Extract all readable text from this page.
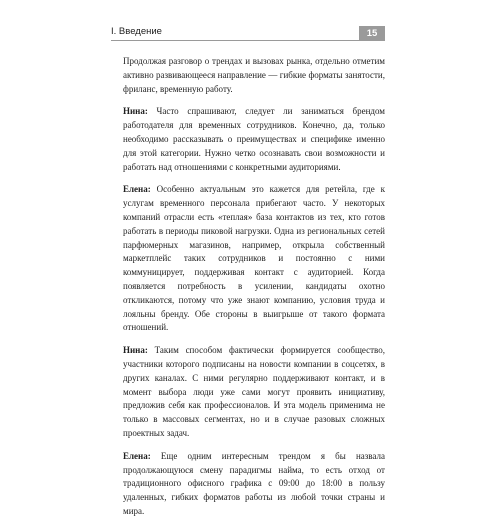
I. Введение	15

Продолжая разговор о трендах и вызовах рынка, отдельно отметим активно развивающееся направление — гибкие форматы занятости, фриланс, временную работу.

Нина: Часто спрашивают, следует ли заниматься брендом работодателя для временных сотрудников. Конечно, да, только необходимо рассказывать о преимуществах и специфике именно для этой категории. Нужно четко осознавать свои возможности и работать над отношениями с конкретными аудиториями.

Елена: Особенно актуальным это кажется для ретейла, где к услугам временного персонала прибегают часто. У некоторых компаний отрасли есть «теплая» база контактов из тех, кто готов работать в периоды пиковой нагрузки. Одна из региональных сетей парфюмерных магазинов, например, открыла собственный маркетплейс таких сотрудников и постоянно с ними коммуницирует, поддерживая контакт с аудиторией. Когда появляется потребность в усилении, кандидаты охотно откликаются, потому что уже знают компанию, условия труда и лояльны бренду. Обе стороны в выигрыше от такого формата отношений.

Нина: Таким способом фактически формируется сообщество, участники которого подписаны на новости компании в соцсетях, в других каналах. С ними регулярно поддерживают контакт, и в момент выбора люди уже сами могут проявить инициативу, предложив себя как профессионалов. И эта модель применима не только в массовых сегментах, но и в случае разовых сложных проектных задач.

Елена: Еще одним интересным трендом я бы назвала продолжающуюся смену парадигмы найма, то есть отход от традиционного офисного графика с 09:00 до 18:00 в пользу удаленных, гибких форматов работы из любой точки страны и мира.
